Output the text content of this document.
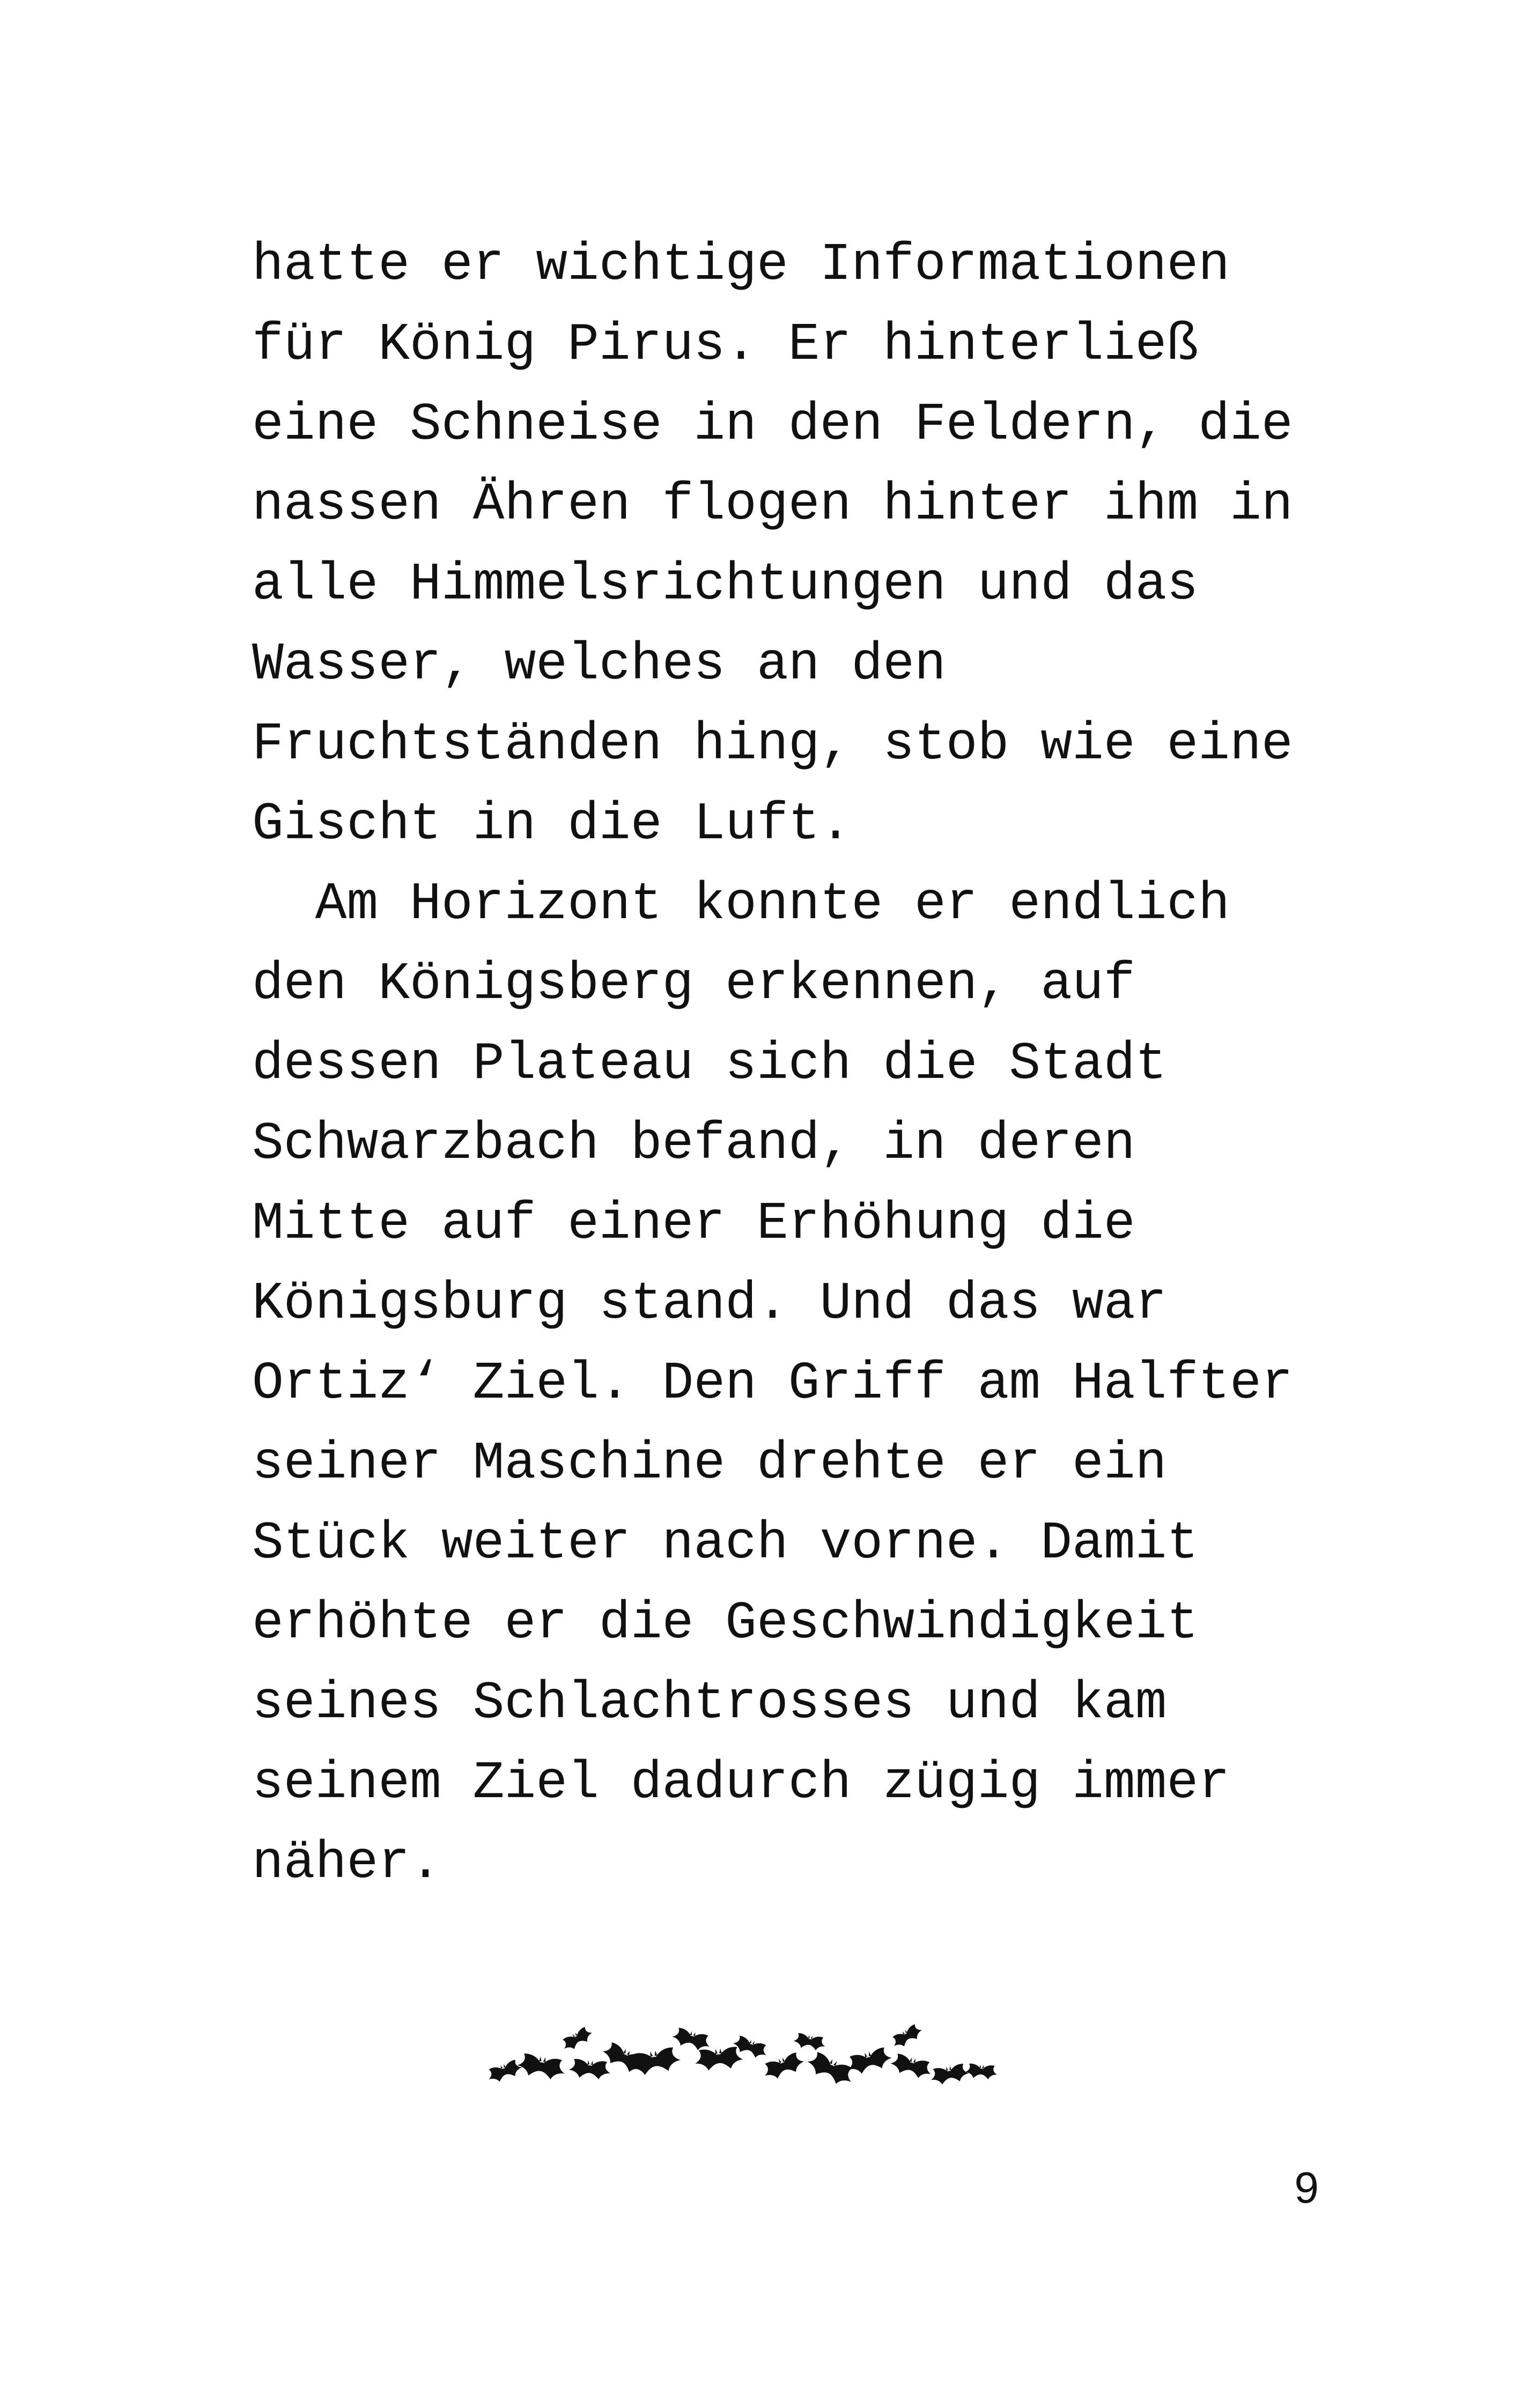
hatte er wichtige Informationen
für König Pirus. Er hinterließ
eine Schneise in den Feldern, die
nassen Ähren flogen hinter ihm in
alle Himmelsrichtungen und das
Wasser, welches an den
Fruchtständen hing, stob wie eine
Gischt in die Luft.
Am Horizont konnte er endlich
den Königsberg erkennen, auf
dessen Plateau sich die Stadt
Schwarzbach befand, in deren
Mitte auf einer Erhöhung die
Königsburg stand. Und das war
Ortiz‘ Ziel. Den Griff am Halfter
seiner Maschine drehte er ein
Stück weiter nach vorne. Damit
erhöhte er die Geschwindigkeit
seines Schlachtrosses und kam
seinem Ziel dadurch zügig immer
näher.
9
